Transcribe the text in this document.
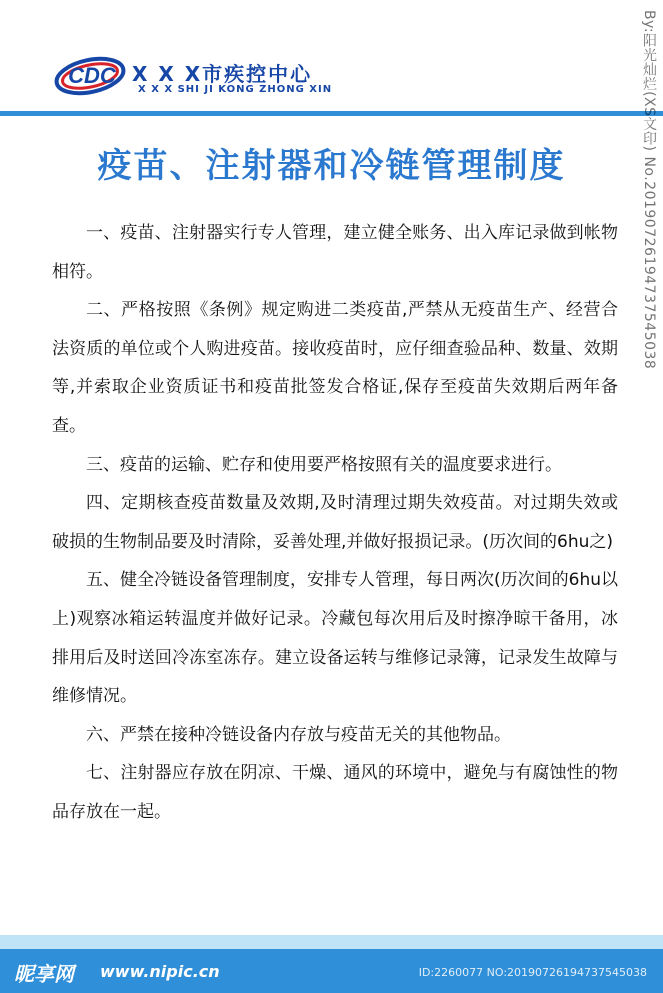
CDC X X X市疾控中心
X X X SHI JI KONG ZHONG XIN
疫苗、注射器和冷链管理制度

一、疫苗、注射器实行专人管理，建立健全账务、出入库记录做到帐物相符。

二、严格按照《条例》规定购进二类疫苗,严禁从无疫苗生产、经营合法资质的单位或个人购进疫苗。接收疫苗时，应仔细查验品种、数量、效期等,并索取企业资质证书和疫苗批签发合格证,保存至疫苗失效期后两年备查。

三、疫苗的运输、贮存和使用要严格按照有关的温度要求进行。

四、定期核查疫苗数量及效期,及时清理过期失效疫苗。对过期失效或破损的生物制品要及时清除，妥善处理,并做好报损记录。(历次间的6hu之)

五、健全冷链设备管理制度，安排专人管理，每日两次(历次间的6hu以上)观察冰箱运转温度并做好记录。冷藏包每次用后及时擦净晾干备用，冰排用后及时送回冷冻室冻存。建立设备运转与维修记录簿，记录发生故障与维修情况。

六、严禁在接种冷链设备内存放与疫苗无关的其他物品。

七、注射器应存放在阴凉、干燥、通风的环境中，避免与有腐蚀性的物品存放在一起。

By:阳光灿烂(XS文印) No.20190726194737545038
昵享网 www.nipic.cn	ID:2260077 NO:20190726194737545038
